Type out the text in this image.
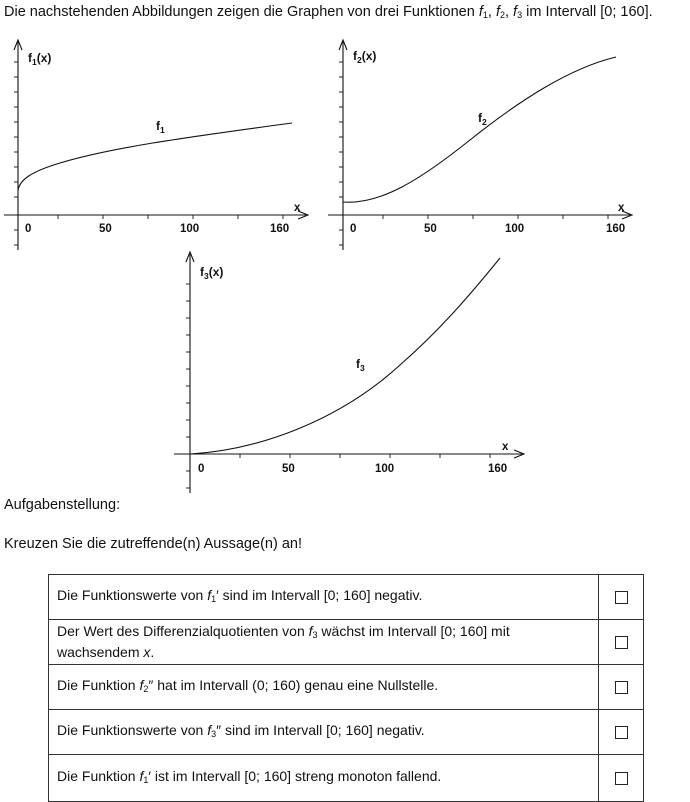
Die nachstehenden Abbildungen zeigen die Graphen von drei Funktionen $f_1$, $f_2$, $f_3$ im Intervall [0; 160].
$f_1(x)$
x
0	50	100	160
$f_1$
$f_2(x)$
x
0	50	100	160
$f_2$
$f_3(x)$
x
0	50	100	160
$f_3$
Aufgabenstellung:
Kreuzen Sie die zutreffende(n) Aussage(n) an!
Die Funktionswerte von $f_1'$ sind im Intervall [0; 160] negativ.	
Der Wert des Differenzialquotienten von $f_3$ wächst im Intervall [0; 160] mit wachsendem x.	
Die Funktion $f_2''$ hat im Intervall (0; 160) genau eine Nullstelle.	
Die Funktionswerte von $f_3''$ sind im Intervall [0; 160] negativ.	
Die Funktion $f_1'$ ist im Intervall [0; 160] streng monoton fallend.	
